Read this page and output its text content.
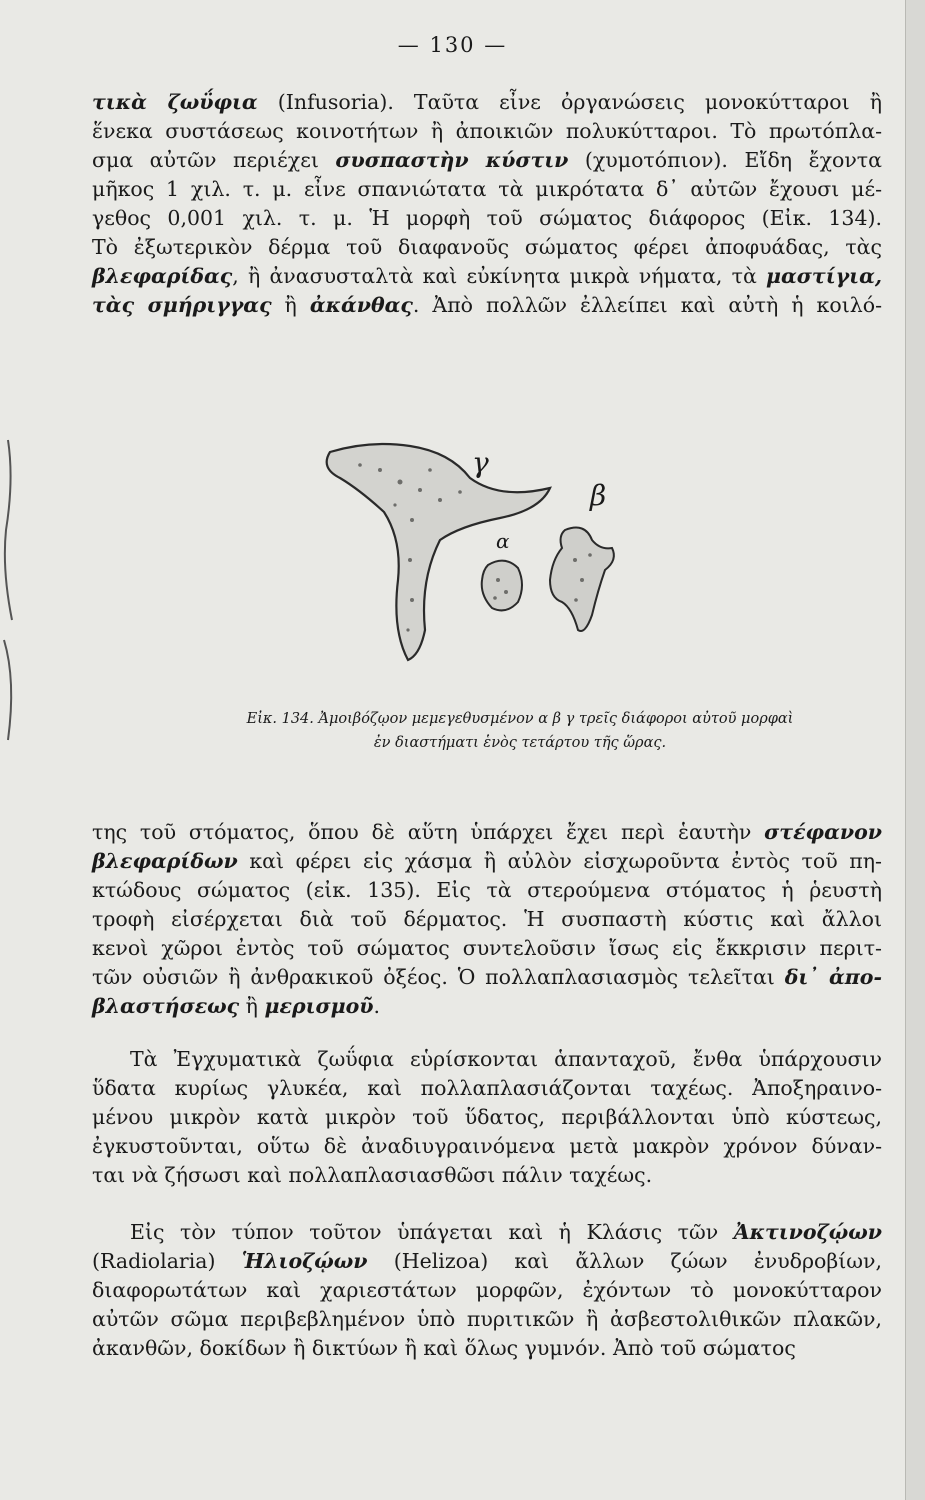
— 130 —
τικὰ ζωΰφια (Infusoria). Ταῦτα εἶνε ὀργανώσεις μονοκύτταροι ἢ
ἕνεκα συστάσεως κοινοτήτων ἢ ἀποικιῶν πολυκύτταροι. Τὸ πρωτόπλα-
σμα αὐτῶν περιέχει συσπαστὴν κύστιν (χυμοτόπιον). Εἴδη ἔχοντα
μῆκος 1 χιλ. τ. μ. εἶνε σπανιώτατα τὰ μικρότατα δ᾽ αὐτῶν ἔχουσι μέ-
γεθος 0,001 χιλ. τ. μ. Ἡ μορφὴ τοῦ σώματος διάφορος (Εἰκ. 134).
Τὸ ἐξωτερικὸν δέρμα τοῦ διαφανοῦς σώματος φέρει ἀποφυάδας, τὰς
βλεφαρίδας, ἢ ἀνασυσταλτὰ καὶ εὐκίνητα μικρὰ νήματα, τὰ μαστίγια,
τὰς σμήριγγας ἢ ἀκάνθας. Ἀπὸ πολλῶν ἐλλείπει καὶ αὐτὴ ἡ κοιλό-
γ
β
α
Εἰκ. 134. Ἀμοιβόζῳον μεμεγεθυσμένον α β γ τρεῖς διάφοροι αὐτοῦ μορφαὶ
ἐν διαστήματι ἑνὸς τετάρτου τῆς ὥρας.
της τοῦ στόματος, ὅπου δὲ αὕτη ὑπάρχει ἔχει περὶ ἑαυτὴν στέφανον
βλεφαρίδων καὶ φέρει εἰς χάσμα ἢ αὐλὸν εἰσχωροῦντα ἐντὸς τοῦ πη-
κτώδους σώματος (εἰκ. 135). Εἰς τὰ στερούμενα στόματος ἡ ῥευστὴ
τροφὴ εἰσέρχεται διὰ τοῦ δέρματος. Ἡ συσπαστὴ κύστις καὶ ἄλλοι
κενοὶ χῶροι ἐντὸς τοῦ σώματος συντελοῦσιν ἴσως εἰς ἔκκρισιν περιτ-
τῶν οὐσιῶν ἢ ἀνθρακικοῦ ὀξέος. Ὁ πολλαπλασιασμὸς τελεῖται δι᾽ ἀπο-
βλαστήσεως ἢ μερισμοῦ.
Τὰ Ἐγχυματικὰ ζωΰφια εὑρίσκονται ἁπανταχοῦ, ἔνθα ὑπάρχουσιν
ὕδατα κυρίως γλυκέα, καὶ πολλαπλασιάζονται ταχέως. Ἀποξηραινο-
μένου μικρὸν κατὰ μικρὸν τοῦ ὕδατος, περιβάλλονται ὑπὸ κύστεως,
ἐγκυστοῦνται, οὕτω δὲ ἀναδιυγραινόμενα μετὰ μακρὸν χρόνον δύναν-
ται νὰ ζήσωσι καὶ πολλαπλασιασθῶσι πάλιν ταχέως.
Εἰς τὸν τύπον τοῦτον ὑπάγεται καὶ ἡ Κλάσις τῶν Ἀκτινοζῴων
(Radiolaria) Ἡλιοζῴων (Helizoa) καὶ ἄλλων ζώων ἐνυδροβίων,
διαφορωτάτων καὶ χαριεστάτων μορφῶν, ἐχόντων τὸ μονοκύτταρον
αὐτῶν σῶμα περιβεβλημένον ὑπὸ πυριτικῶν ἢ ἀσβεστολιθικῶν πλακῶν,
ἀκανθῶν, δοκίδων ἢ δικτύων ἢ καὶ ὅλως γυμνόν. Ἀπὸ τοῦ σώματος
